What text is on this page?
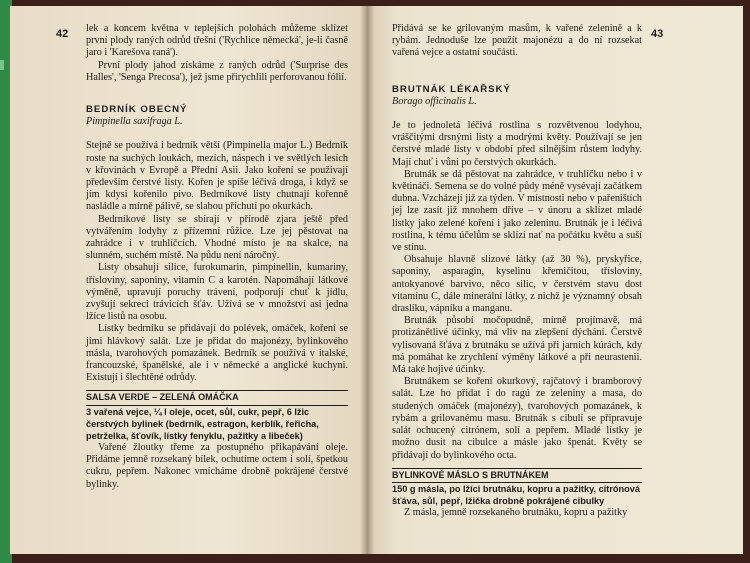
42 lek a koncem května v teplejších polohách můžeme sklízet první plody raných odrůd třešní ('Rychlice německá', je-li časně jaro i 'Karešova raná').

První plody jahod získáme z raných odrůd ('Surprise des Halles', 'Senga Precosa'), jež jsme přirychlili perforovanou fólií.

BEDRNÍK OBECNÝ
Pimpinella saxifraga L.

Stejně se používá i bedrník větší (Pimpinella major L.) Bedrník roste na suchých loukách, mezích, náspech i ve světlých lesích v křovinách v Evropě a Přední Asii. Jako koření se používají především čerstvé listy. Kořen je spíše léčivá droga, i když se jím kdysi kořenilo pivo. Bedrníkové listy chutnají kořenně nasládle a mírně pálivě, se slabou příchutí po okurkách.

Bedrníkové listy se sbírají v přírodě zjara ještě před vytvářením lodyhy z přízemní růžice. Lze jej pěstovat na zahrádce i v truhlíčcích. Vhodné místo je na skalce, na slunném, suchém místě. Na půdu není náročný.

Listy obsahují silice, furokumarin, pimpinellin, kumariny, třísloviny, saponiny, vitamín C a karotén. Napomáhají látkové výměně, upravují poruchy trávení, podporují chuť k jídlu, zvyšují sekreci trávicích šťáv. Užívá se v množství asi jedna lžíce listů na osobu.

Lístky bedrníku se přidávají do polévek, omáček, koření se jimi hlávkový salát. Lze je přidat do majonézy, bylinkového másla, tvarohových pomazánek. Bedrník se používá v italské, francouzské, španělské, ale i v německé a anglické kuchyni. Existují i šlechtěné odrůdy.

SALSA VERDE – ZELENÁ OMÁČKA

3 vařená vejce, ¼ l oleje, ocet, sůl, cukr, pepř, 6 lžic čerstvých bylinek (bedrník, estragon, kerblík, řeřicha, petrželka, šťovík, lístky fenyklu, pažitky a libeček)

Vařené žloutky třeme za postupného přikapávání oleje. Přidáme jemně rozsekaný bílek, ochutíme octem i solí, špetkou cukru, pepřem. Nakonec vmícháme drobně pokrájené čerstvé bylinky.

43

Přidává se ke grilovaným masům, k vařené zelenině a k rybám. Jednoduše lze použít majonézu a do ní rozsekat vařená vejce a ostatní součásti.

BRUTNÁK LÉKAŘSKÝ
Borago officinalis L.

Je to jednoletá léčivá rostlina s rozvětvenou lodyhou, vráščitými drsnými listy a modrými květy. Používají se jen čerstvé mladé listy v období před silnějším růstem lodyhy. Mají chuť i vůni po čerstvých okurkách.

Brutnák se dá pěstovat na zahrádce, v truhlíčku nebo i v květináči. Semena se do volné půdy méně vysévají začátkem dubna. Vzcházejí již za týden. V místnosti nebo v pařeništích jej lze zasít již mnohem dříve – v únoru a sklízet mladé lístky jako zelené koření i jako zeleninu. Brutnák je i léčivá rostlina, k tému účelům se sklízí nať na počátku květu a suší ve stínu.

Obsahuje hlavně slizové látky (až 30 %), pryskyřice, saponiny, asparagin, kyselinu křemičitou, třísloviny, antokyanové barvivo, něco silic, v čerstvém stavu dost vitamínu C, dále minerální látky, z nichž je významný obsah draslíku, vápníku a manganu.

Brutnák působí močopudně, mírně projímavě, má protizánětlivé účinky, má vliv na zlepšení dýchání. Čerstvě vylisovaná šťáva z brutnáku se užívá při jarních kúrách, kdy má pomáhat ke zrychlení výměny látkové a při neurastenii. Má také hojivé účinky.

Brutnákem se koření okurkový, rajčatový i bramborový salát. Lze ho přidat i do ragú ze zeleniny a masa, do studených omáček (majonézy), tvarohových pomazánek, k rybám a grilovanému masu. Brutnák s cibulí se připravuje salát ochucený citrónem, solí a pepřem. Mladé lístky je možno dusit na cibulce a másle jako špenát. Květy se přidávají do bylinkového octa.

BYLINKOVÉ MÁSLO S BRUTNÁKEM

150 g másla, po lžíci brutnáku, kopru a pažitky, citrónová šťáva, sůl, pepř, lžička drobně pokrájené cibulky

Z másla, jemně rozsekaného brutnáku, kopru a pažitky
